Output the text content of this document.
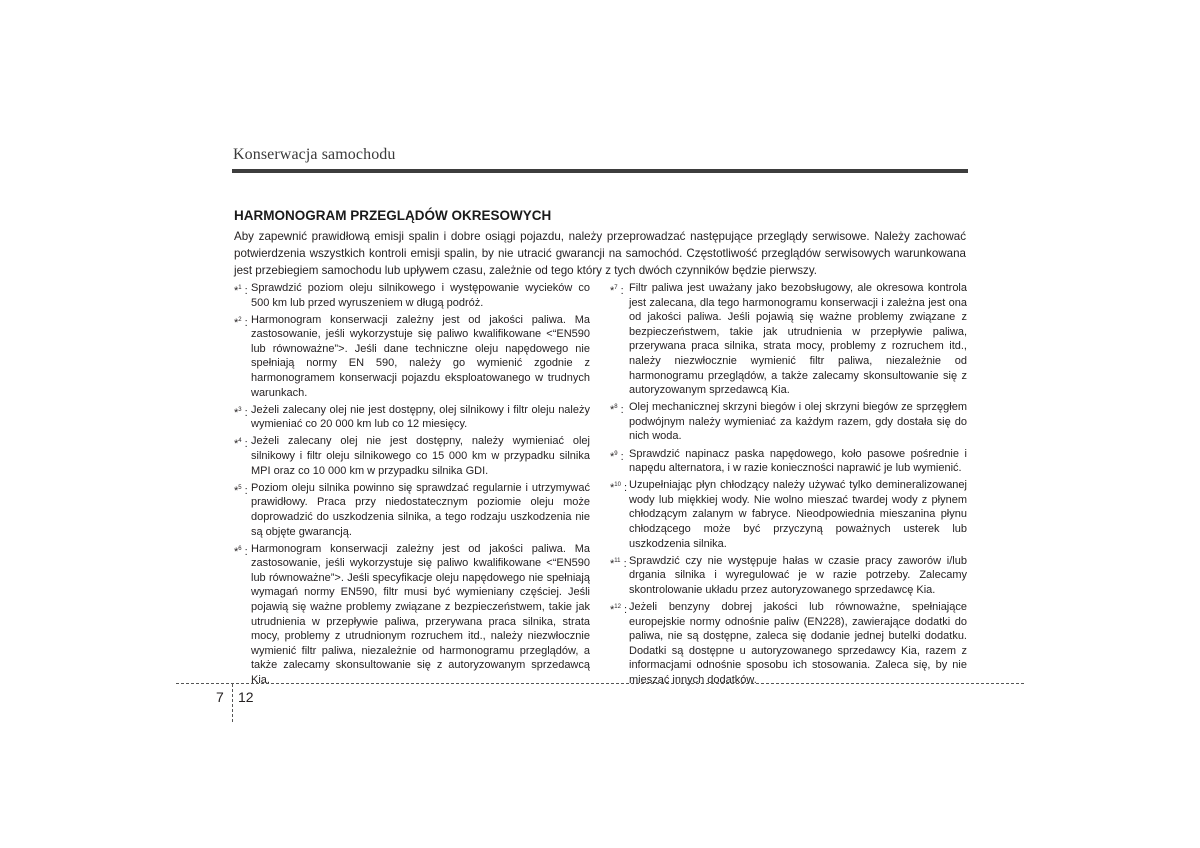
Konserwacja samochodu
HARMONOGRAM PRZEGLĄDÓW OKRESOWYCH

Aby zapewnić prawidłową emisji spalin i dobre osiągi pojazdu, należy przeprowadzać następujące przeglądy serwisowe. Należy zachować potwierdzenia wszystkich kontroli emisji spalin, by nie utracić gwarancji na samochód. Częstotliwość przeglądów serwisowych warunkowana jest przebiegiem samochodu lub upływem czasu, zależnie od tego który z tych dwóch czynników będzie pierwszy.

*$^1$ : Sprawdzić poziom oleju silnikowego i występowanie wycieków co 500 km lub przed wyruszeniem w długą podróż.
*$^2$ : Harmonogram konserwacji zależny jest od jakości paliwa. Ma zastosowanie, jeśli wykorzystuje się paliwo kwalifikowane <“EN590 lub równoważne”>. Jeśli dane techniczne oleju napędowego nie spełniają normy EN 590, należy go wymienić zgodnie z harmonogramem konserwacji pojazdu eksploatowanego w trudnych warunkach.
*$^3$ : Jeżeli zalecany olej nie jest dostępny, olej silnikowy i filtr oleju należy wymieniać co 20 000 km lub co 12 miesięcy.
*$^4$ : Jeżeli zalecany olej nie jest dostępny, należy wymieniać olej silnikowy i filtr oleju silnikowego co 15 000 km w przypadku silnika MPI oraz co 10 000 km w przypadku silnika GDI.
*$^5$ : Poziom oleju silnika powinno się sprawdzać regularnie i utrzymywać prawidłowy. Praca przy niedostatecznym poziomie oleju może doprowadzić do uszkodzenia silnika, a tego rodzaju uszkodzenia nie są objęte gwarancją.
*$^6$ : Harmonogram konserwacji zależny jest od jakości paliwa. Ma zastosowanie, jeśli wykorzystuje się paliwo kwalifikowane <“EN590 lub równoważne”>. Jeśli specyfikacje oleju napędowego nie spełniają wymagań normy EN590, filtr musi być wymieniany częściej. Jeśli pojawią się ważne problemy związane z bezpieczeństwem, takie jak utrudnienia w przepływie paliwa, przerywana praca silnika, strata mocy, problemy z utrudnionym rozruchem itd., należy niezwłocznie wymienić filtr paliwa, niezależnie od harmonogramu przeglądów, a także zalecamy skonsultowanie się z autoryzowanym sprzedawcą Kia.
*$^7$ : Filtr paliwa jest uważany jako bezobsługowy, ale okresowa kontrola jest zalecana, dla tego harmonogramu konserwacji i zależna jest ona od jakości paliwa. Jeśli pojawią się ważne problemy związane z bezpieczeństwem, takie jak utrudnienia w przepływie paliwa, przerywana praca silnika, strata mocy, problemy z rozruchem itd., należy niezwłocznie wymienić filtr paliwa, niezależnie od harmonogramu przeglądów, a także zalecamy skonsultowanie się z autoryzowanym sprzedawcą Kia.
*$^8$ : Olej mechanicznej skrzyni biegów i olej skrzyni biegów ze sprzęgłem podwójnym należy wymieniać za każdym razem, gdy dostała się do nich woda.
*$^9$ : Sprawdzić napinacz paska napędowego, koło pasowe pośrednie i napędu alternatora, i w razie konieczności naprawić je lub wymienić.
*$^{10}$ : Uzupełniając płyn chłodzący należy używać tylko demineralizowanej wody lub miękkiej wody. Nie wolno mieszać twardej wody z płynem chłodzącym zalanym w fabryce. Nieodpowiednia mieszanina płynu chłodzącego może być przyczyną poważnych usterek lub uszkodzenia silnika.
*$^{11}$ : Sprawdzić czy nie występuje hałas w czasie pracy zaworów i/lub drgania silnika i wyregulować je w razie potrzeby. Zalecamy skontrolowanie układu przez autoryzowanego sprzedawcę Kia.
*$^{12}$ : Jeżeli benzyny dobrej jakości lub równoważne, spełniające europejskie normy odnośnie paliw (EN228), zawierające dodatki do paliwa, nie są dostępne, zaleca się dodanie jednej butelki dodatku. Dodatki są dostępne u autoryzowanego sprzedawcy Kia, razem z informacjami odnośnie sposobu ich stosowania. Zaleca się, by nie mieszać innych dodatków.
7 12
